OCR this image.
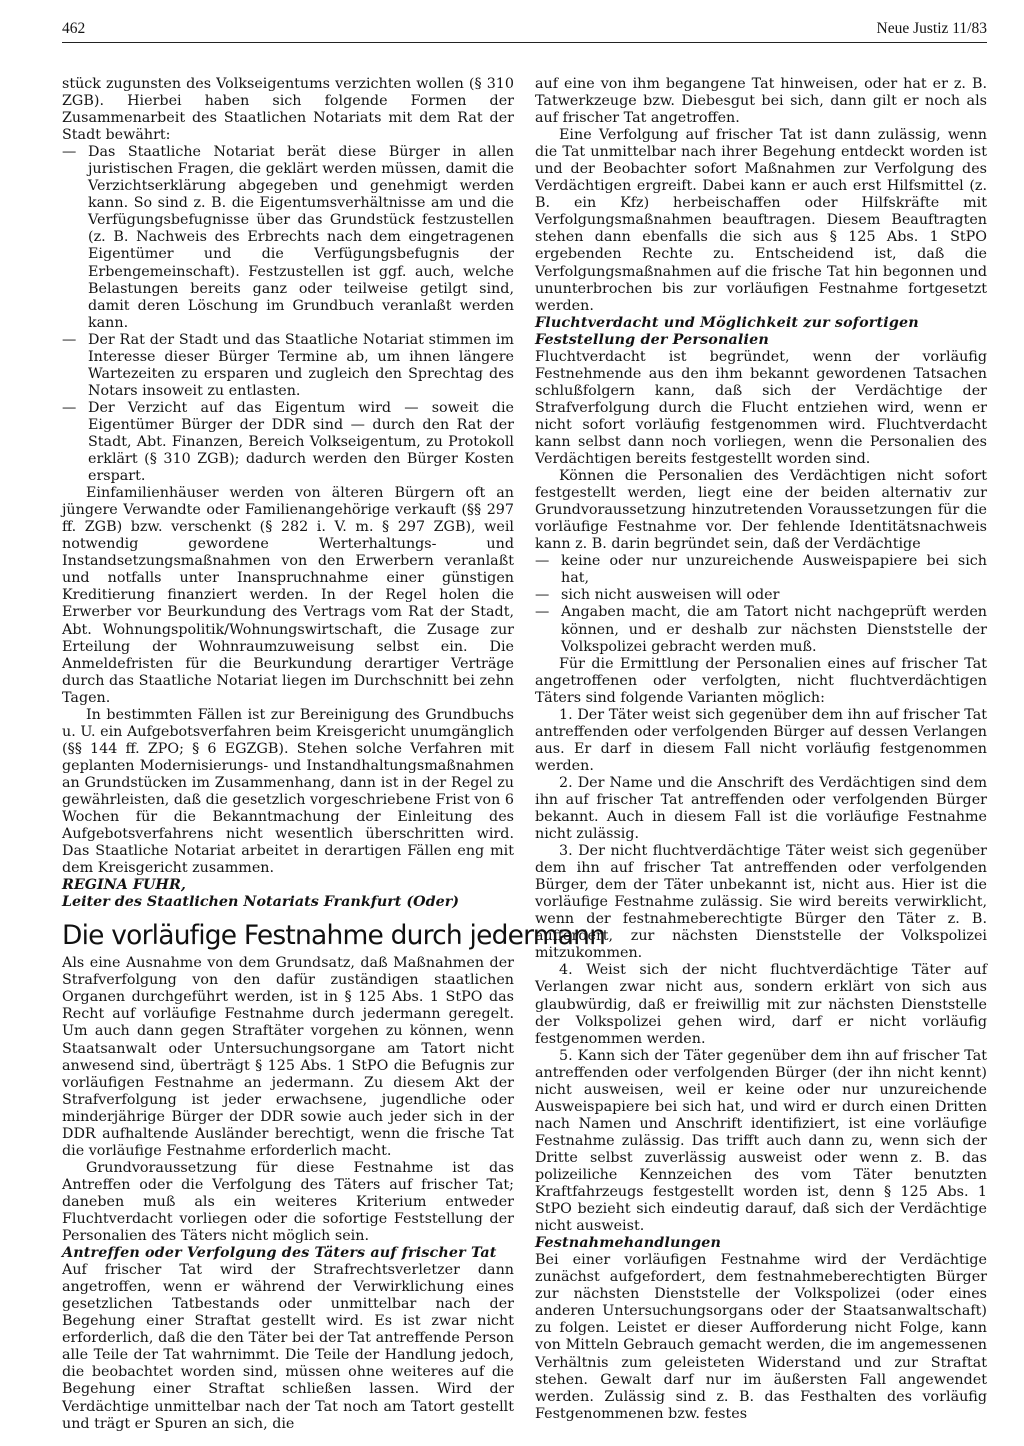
462	Neue Justiz 11/83

stück zugunsten des Volkseigentums verzichten wollen (§ 310 ZGB). Hierbei haben sich folgende Formen der Zusammenarbeit des Staatlichen Notariats mit dem Rat der Stadt bewährt:

— Das Staatliche Notariat berät diese Bürger in allen juristischen Fragen, die geklärt werden müssen, damit die Verzichtserklärung abgegeben und genehmigt werden kann. So sind z. B. die Eigentumsverhältnisse am und die Verfügungsbefugnisse über das Grundstück festzustellen (z. B. Nachweis des Erbrechts nach dem eingetragenen Eigentümer und die Verfügungsbefugnis der Erbengemeinschaft). Festzustellen ist ggf. auch, welche Belastungen bereits ganz oder teilweise getilgt sind, damit deren Löschung im Grundbuch veranlaßt werden kann.

— Der Rat der Stadt und das Staatliche Notariat stimmen im Interesse dieser Bürger Termine ab, um ihnen längere Wartezeiten zu ersparen und zugleich den Sprechtag des Notars insoweit zu entlasten.

— Der Verzicht auf das Eigentum wird — soweit die Eigentümer Bürger der DDR sind — durch den Rat der Stadt, Abt. Finanzen, Bereich Volkseigentum, zu Protokoll erklärt (§ 310 ZGB); dadurch werden den Bürger Kosten erspart.

Einfamilienhäuser werden von älteren Bürgern oft an jüngere Verwandte oder Familienangehörige verkauft (§§ 297 ff. ZGB) bzw. verschenkt (§ 282 i. V. m. § 297 ZGB), weil notwendig gewordene Werterhaltungs- und Instandsetzungsmaßnahmen von den Erwerbern veranlaßt und notfalls unter Inanspruchnahme einer günstigen Kreditierung finanziert werden. In der Regel holen die Erwerber vor Beurkundung des Vertrags vom Rat der Stadt, Abt. Wohnungspolitik/Wohnungswirtschaft, die Zusage zur Erteilung der Wohnraumzuweisung selbst ein. Die Anmeldefristen für die Beurkundung derartiger Verträge durch das Staatliche Notariat liegen im Durchschnitt bei zehn Tagen.

In bestimmten Fällen ist zur Bereinigung des Grundbuchs u. U. ein Aufgebotsverfahren beim Kreisgericht unumgänglich (§§ 144 ff. ZPO; § 6 EGZGB). Stehen solche Verfahren mit geplanten Modernisierungs- und Instandhaltungsmaßnahmen an Grundstücken im Zusammenhang, dann ist in der Regel zu gewährleisten, daß die gesetzlich vorgeschriebene Frist von 6 Wochen für die Bekanntmachung der Einleitung des Aufgebotsverfahrens nicht wesentlich überschritten wird. Das Staatliche Notariat arbeitet in derartigen Fällen eng mit dem Kreisgericht zusammen.

REGINA FUHR,

Leiter des Staatlichen Notariats Frankfurt (Oder)

Die vorläufige Festnahme durch jedermann

Als eine Ausnahme von dem Grundsatz, daß Maßnahmen der Strafverfolgung von den dafür zuständigen staatlichen Organen durchgeführt werden, ist in § 125 Abs. 1 StPO das Recht auf vorläufige Festnahme durch jedermann geregelt. Um auch dann gegen Straftäter vorgehen zu können, wenn Staatsanwalt oder Untersuchungsorgane am Tatort nicht anwesend sind, überträgt § 125 Abs. 1 StPO die Befugnis zur vorläufigen Festnahme an jedermann. Zu diesem Akt der Strafverfolgung ist jeder erwachsene, jugendliche oder minderjährige Bürger der DDR sowie auch jeder sich in der DDR aufhaltende Ausländer berechtigt, wenn die frische Tat die vorläufige Festnahme erforderlich macht.

Grundvoraussetzung für diese Festnahme ist das Antreffen oder die Verfolgung des Täters auf frischer Tat; daneben muß als ein weiteres Kriterium entweder Fluchtverdacht vorliegen oder die sofortige Feststellung der Personalien des Täters nicht möglich sein.

Antreffen oder Verfolgung des Täters auf frischer Tat

Auf frischer Tat wird der Strafrechtsverletzer dann angetroffen, wenn er während der Verwirklichung eines gesetzlichen Tatbestands oder unmittelbar nach der Begehung einer Straftat gestellt wird. Es ist zwar nicht erforderlich, daß die den Täter bei der Tat antreffende Person alle Teile der Tat wahrnimmt. Die Teile der Handlung jedoch, die beobachtet worden sind, müssen ohne weiteres auf die Begehung einer Straftat schließen lassen. Wird der Verdächtige unmittelbar nach der Tat noch am Tatort gestellt und trägt er Spuren an sich, die

auf eine von ihm begangene Tat hinweisen, oder hat er z. B. Tatwerkzeuge bzw. Diebesgut bei sich, dann gilt er noch als auf frischer Tat angetroffen.

Eine Verfolgung auf frischer Tat ist dann zulässig, wenn die Tat unmittelbar nach ihrer Begehung entdeckt worden ist und der Beobachter sofort Maßnahmen zur Verfolgung des Verdächtigen ergreift. Dabei kann er auch erst Hilfsmittel (z. B. ein Kfz) herbeischaffen oder Hilfskräfte mit Verfolgungsmaßnahmen beauftragen. Diesem Beauftragten stehen dann ebenfalls die sich aus § 125 Abs. 1 StPO ergebenden Rechte zu. Entscheidend ist, daß die Verfolgungsmaßnahmen auf die frische Tat hin begonnen und ununterbrochen bis zur vorläufigen Festnahme fortgesetzt werden.

Fluchtverdacht und Möglichkeit zur sofortigen Feststellung der Personalien

Fluchtverdacht ist begründet, wenn der vorläufig Festnehmende aus den ihm bekannt gewordenen Tatsachen schlußfolgern kann, daß sich der Verdächtige der Strafverfolgung durch die Flucht entziehen wird, wenn er nicht sofort vorläufig festgenommen wird. Fluchtverdacht kann selbst dann noch vorliegen, wenn die Personalien des Verdächtigen bereits festgestellt worden sind.

Können die Personalien des Verdächtigen nicht sofort festgestellt werden, liegt eine der beiden alternativ zur Grundvoraussetzung hinzutretenden Voraussetzungen für die vorläufige Festnahme vor. Der fehlende Identitätsnachweis kann z. B. darin begründet sein, daß der Verdächtige

— keine oder nur unzureichende Ausweispapiere bei sich hat,

— sich nicht ausweisen will oder

— Angaben macht, die am Tatort nicht nachgeprüft werden können, und er deshalb zur nächsten Dienststelle der Volkspolizei gebracht werden muß.

Für die Ermittlung der Personalien eines auf frischer Tat angetroffenen oder verfolgten, nicht fluchtverdächtigen Täters sind folgende Varianten möglich:

1. Der Täter weist sich gegenüber dem ihn auf frischer Tat antreffenden oder verfolgenden Bürger auf dessen Verlangen aus. Er darf in diesem Fall nicht vorläufig festgenommen werden.

2. Der Name und die Anschrift des Verdächtigen sind dem ihn auf frischer Tat antreffenden oder verfolgenden Bürger bekannt. Auch in diesem Fall ist die vorläufige Festnahme nicht zulässig.

3. Der nicht fluchtverdächtige Täter weist sich gegenüber dem ihn auf frischer Tat antreffenden oder verfolgenden Bürger, dem der Täter unbekannt ist, nicht aus. Hier ist die vorläufige Festnahme zulässig. Sie wird bereits verwirklicht, wenn der festnahmeberechtigte Bürger den Täter z. B. auffordert, zur nächsten Dienststelle der Volkspolizei mitzukommen.

4. Weist sich der nicht fluchtverdächtige Täter auf Verlangen zwar nicht aus, sondern erklärt von sich aus glaubwürdig, daß er freiwillig mit zur nächsten Dienststelle der Volkspolizei gehen wird, darf er nicht vorläufig festgenommen werden.

5. Kann sich der Täter gegenüber dem ihn auf frischer Tat antreffenden oder verfolgenden Bürger (der ihn nicht kennt) nicht ausweisen, weil er keine oder nur unzureichende Ausweispapiere bei sich hat, und wird er durch einen Dritten nach Namen und Anschrift identifiziert, ist eine vorläufige Festnahme zulässig. Das trifft auch dann zu, wenn sich der Dritte selbst zuverlässig ausweist oder wenn z. B. das polizeiliche Kennzeichen des vom Täter benutzten Kraftfahrzeugs festgestellt worden ist, denn § 125 Abs. 1 StPO bezieht sich eindeutig darauf, daß sich der Verdächtige nicht ausweist.

Festnahmehandlungen

Bei einer vorläufigen Festnahme wird der Verdächtige zunächst aufgefordert, dem festnahmeberechtigten Bürger zur nächsten Dienststelle der Volkspolizei (oder eines anderen Untersuchungsorgans oder der Staatsanwaltschaft) zu folgen. Leistet er dieser Aufforderung nicht Folge, kann von Mitteln Gebrauch gemacht werden, die im angemessenen Verhältnis zum geleisteten Widerstand und zur Straftat stehen. Gewalt darf nur im äußersten Fall angewendet werden. Zulässig sind z. B. das Festhalten des vorläufig Festgenommenen bzw. festes
